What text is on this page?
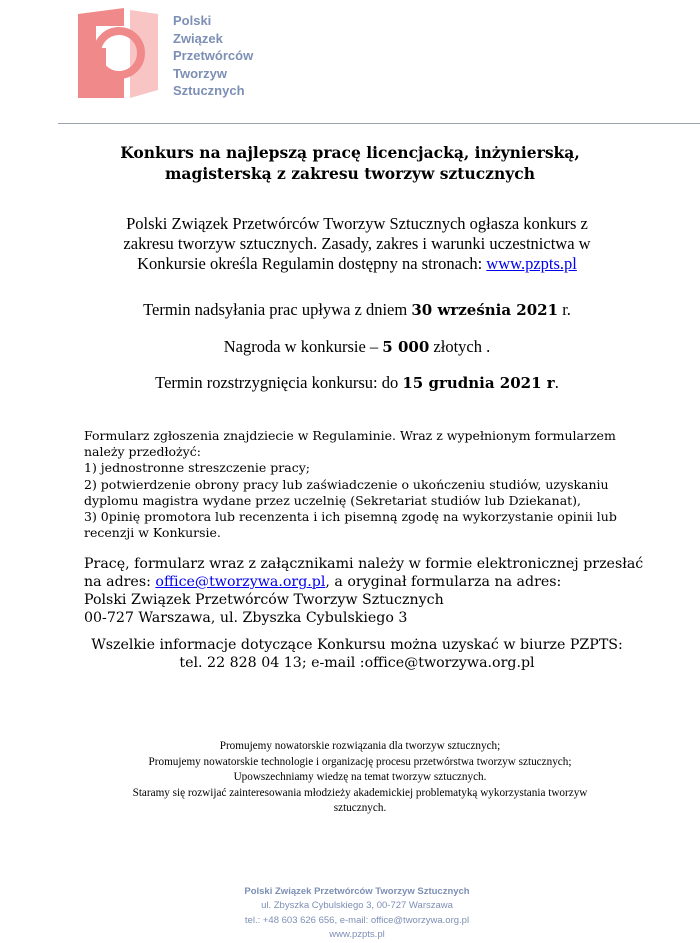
Polski
Związek
Przetwórców
Tworzyw
Sztucznych
Konkurs na najlepszą pracę licencjacką, inżynierską,
magisterską z zakresu tworzyw sztucznych
Polski Związek Przetwórców Tworzyw Sztucznych ogłasza konkurs z
zakresu tworzyw sztucznych. Zasady, zakres i warunki uczestnictwa w
Konkursie określa Regulamin dostępny na stronach: www.pzpts.pl
Termin nadsyłania prac upływa z dniem 30 września 2021 r.
Nagroda w konkursie – 5 000 złotych .
Termin rozstrzygnięcia konkursu: do 15 grudnia 2021 r.
Formularz zgłoszenia znajdziecie w Regulaminie. Wraz z wypełnionym formularzem
należy przedłożyć:
1) jednostronne streszczenie pracy;
2) potwierdzenie obrony pracy lub zaświadczenie o ukończeniu studiów, uzyskaniu
dyplomu magistra wydane przez uczelnię (Sekretariat studiów lub Dziekanat),
3) 0pinię promotora lub recenzenta i ich pisemną zgodę na wykorzystanie opinii lub
recenzji w Konkursie.
Pracę, formularz wraz z załącznikami należy w formie elektronicznej przesłać
na adres: office@tworzywa.org.pl, a oryginał formularza na adres:
Polski Związek Przetwórców Tworzyw Sztucznych
00-727 Warszawa, ul. Zbyszka Cybulskiego 3
Wszelkie informacje dotyczące Konkursu można uzyskać w biurze PZPTS:
tel. 22 828 04 13; e-mail :office@tworzywa.org.pl
Promujemy nowatorskie rozwiązania dla tworzyw sztucznych;
Promujemy nowatorskie technologie i organizację procesu przetwórstwa tworzyw sztucznych;
Upowszechniamy wiedzę na temat tworzyw sztucznych.
Staramy się rozwijać zainteresowania młodzieży akademickiej problematyką wykorzystania tworzyw
sztucznych.
Polski Związek Przetwórców Tworzyw Sztucznych
ul. Zbyszka Cybulskiego 3, 00-727 Warszawa
tel.: +48 603 626 656, e-mail: office@tworzywa.org.pl
www.pzpts.pl
